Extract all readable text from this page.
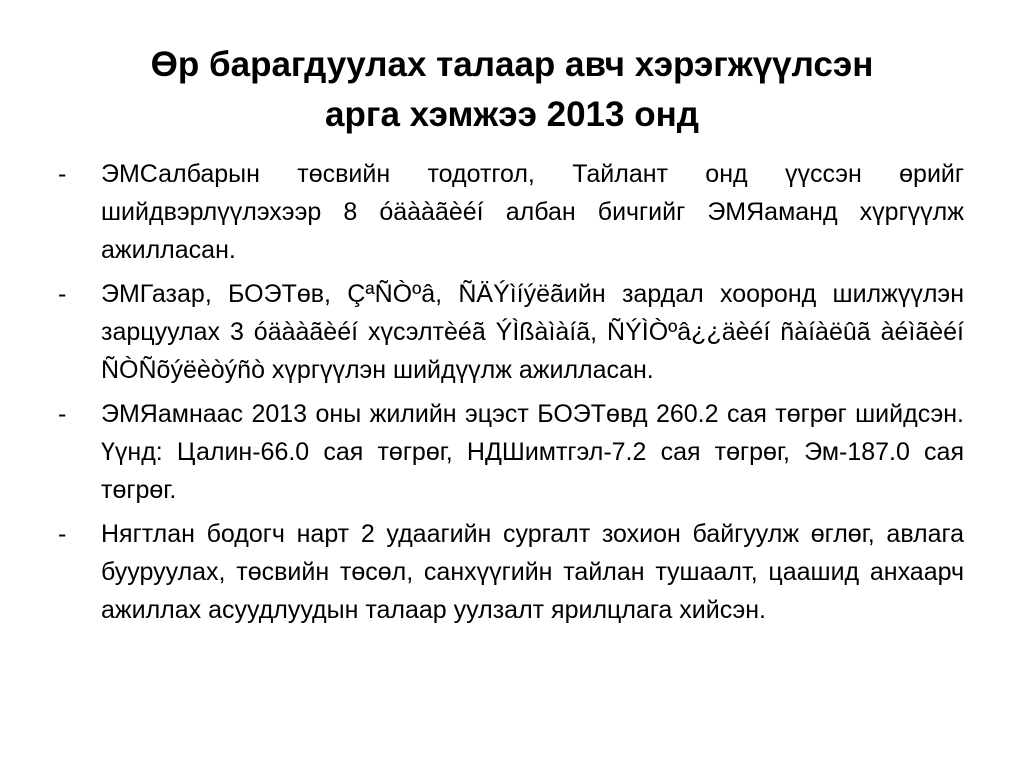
Өр барагдуулах талаар авч хэрэгжүүлсэн
арга хэмжээ 2013 онд
- ЭМСалбарын төсвийн тодотгол, Тайлант онд үүссэн өрийг шийдвэрлүүлэхээр 8 óäààãèéí албан бичгийг ЭМЯаманд хүргүүлж ажилласан.
- ЭМГазар, БОЭТөв, ÇªÑÒºâ, ÑÄÝìíýëãийн зардал хооронд шилжүүлэн зарцуулах 3 óäààãèéí хүсэлтèéã ÝÌßàìàíã, ÑÝÌÒºâ¿¿äèéí ñàíàëûã àéìãèéí ÑÒÑõýëèòýñò хүргүүлэн шийдүүлж ажилласан.
- ЭМЯамнаас 2013 оны жилийн эцэст БОЭТөвд 260.2 сая төгрөг шийдсэн. Үүнд: Цалин-66.0 сая төгрөг, НДШимтгэл-7.2 сая төгрөг, Эм-187.0 сая төгрөг.
- Нягтлан бодогч нарт 2 удаагийн сургалт зохион байгуулж өглөг, авлага бууруулах, төсвийн төсөл, санхүүгийн тайлан тушаалт, цаашид анхаарч ажиллах асуудлуудын талаар уулзалт ярилцлага хийсэн.
